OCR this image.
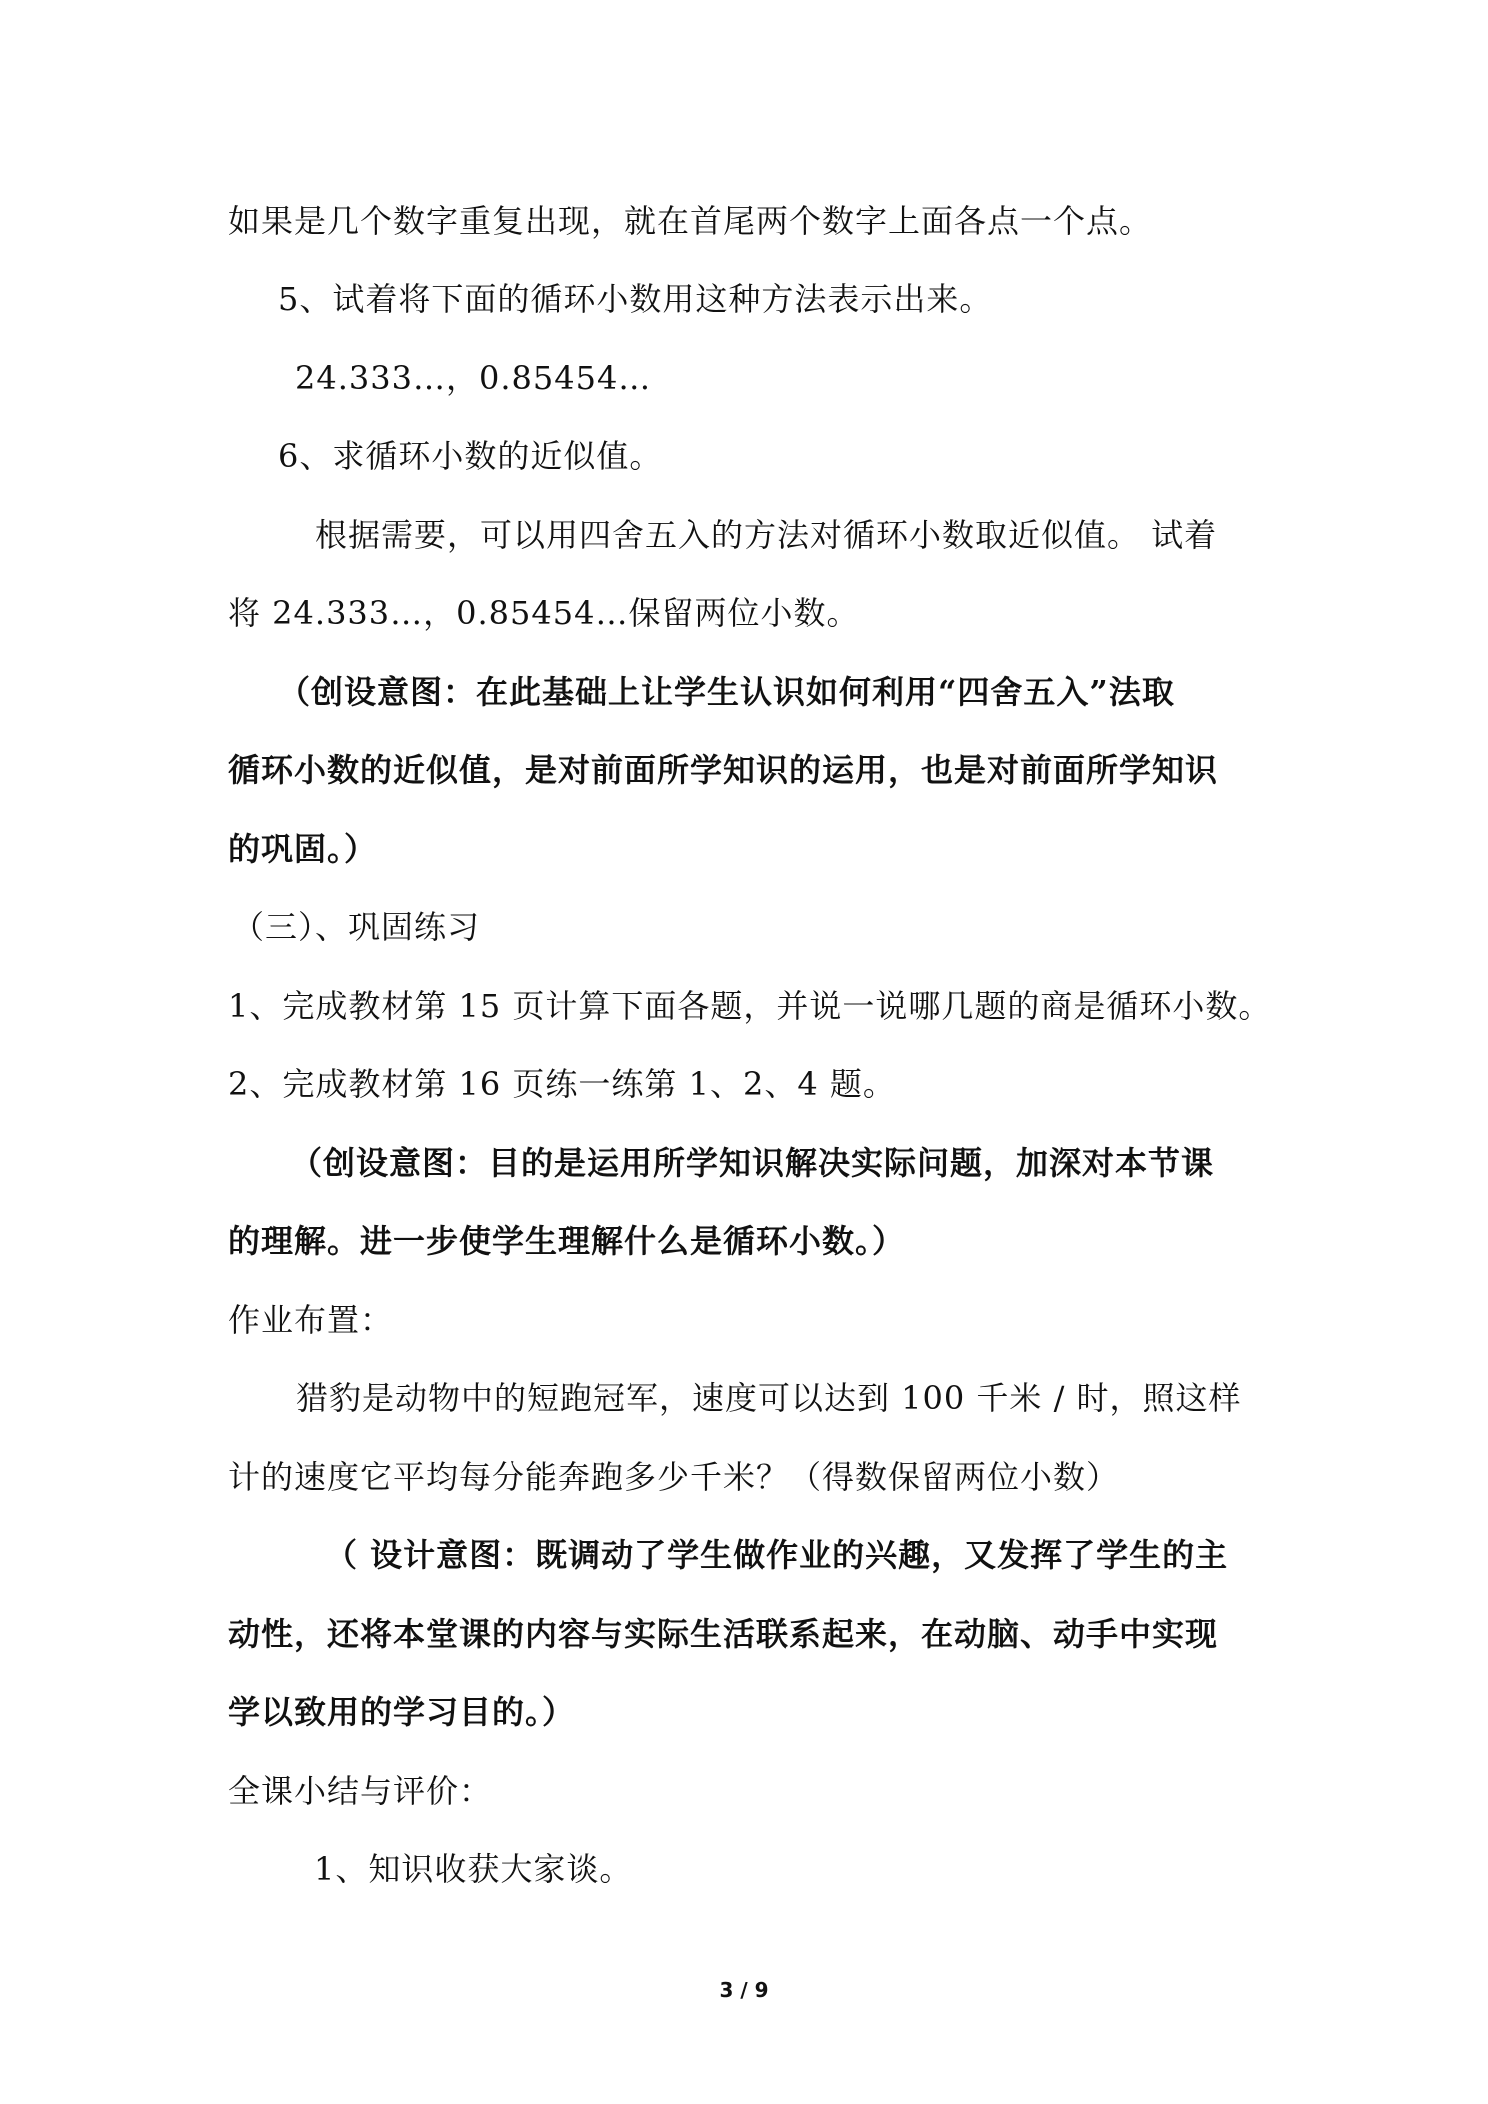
如果是几个数字重复出现，就在首尾两个数字上面各点一个点。
5、试着将下面的循环小数用这种方法表示出来。
24.333…，0.85454…
6、求循环小数的近似值。
根据需要，可以用四舍五入的方法对循环小数取近似值。 试着
将 24.333…，0.85454…保留两位小数。
（创设意图：在此基础上让学生认识如何利用“四舍五入”法取
循环小数的近似值，是对前面所学知识的运用，也是对前面所学知识
的巩固。）
（三）、巩固练习
1、完成教材第 15 页计算下面各题，并说一说哪几题的商是循环小数。
2、完成教材第 16 页练一练第 1、2、4 题。
（创设意图：目的是运用所学知识解决实际问题，加深对本节课
的理解。进一步使学生理解什么是循环小数。）
作业布置：
猎豹是动物中的短跑冠军，速度可以达到 100 千米 / 时，照这样
计的速度它平均每分能奔跑多少千米？（得数保留两位小数）
（ 设计意图：既调动了学生做作业的兴趣，又发挥了学生的主
动性，还将本堂课的内容与实际生活联系起来，在动脑、动手中实现
学以致用的学习目的。）
全课小结与评价：
1、知识收获大家谈。
3 / 9
